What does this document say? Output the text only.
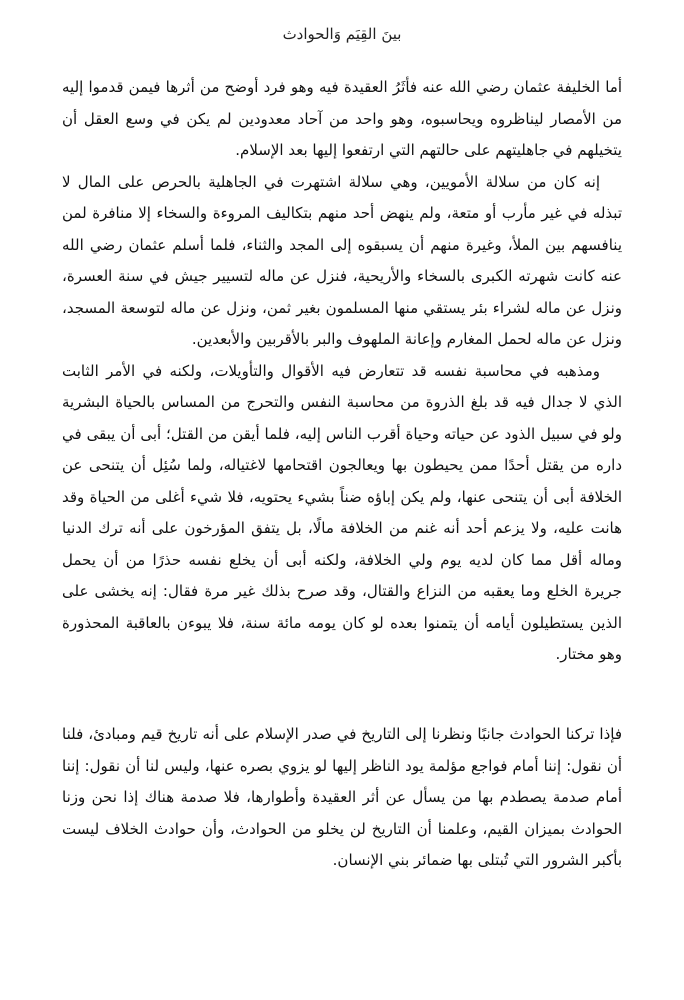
بينَ القِيَم وَالحوادث

أما الخليفة عثمان رضي الله عنه فأثَرُ العقيدة فيه وهو فرد أوضح من أثرها فيمن قدموا إليه من الأمصار ليناظروه ويحاسبوه، وهو واحد من آحاد معدودين لم يكن في وسع العقل أن يتخيلهم في جاهليتهم على حالتهم التي ارتفعوا إليها بعد الإسلام.

إنه كان من سلالة الأمويين، وهي سلالة اشتهرت في الجاهلية بالحرص على المال لا تبذله في غير مأرب أو متعة، ولم ينهض أحد منهم بتكاليف المروءة والسخاء إلا منافرة لمن ينافسهم بين الملأ، وغيرة منهم أن يسبقوه إلى المجد والثناء، فلما أسلم عثمان رضي الله عنه كانت شهرته الكبرى بالسخاء والأريحية، فنزل عن ماله لتسيير جيش في سنة العسرة، ونزل عن ماله لشراء بئر يستقي منها المسلمون بغير ثمن، ونزل عن ماله لتوسعة المسجد، ونزل عن ماله لحمل المغارم وإعانة الملهوف والبر بالأقربين والأبعدين.

ومذهبه في محاسبة نفسه قد تتعارض فيه الأقوال والتأويلات، ولكنه في الأمر الثابت الذي لا جدال فيه قد بلغ الذروة من محاسبة النفس والتحرج من المساس بالحياة البشرية ولو في سبيل الذود عن حياته وحياة أقرب الناس إليه، فلما أيقن من القتل؛ أبى أن يبقى في داره من يقتل أحدًا ممن يحيطون بها ويعالجون اقتحامها لاغتياله، ولما سُئِل أن يتنحى عن الخلافة أبى أن يتنحى عنها، ولم يكن إباؤه ضناً بشيء يحتويه، فلا شيء أغلى من الحياة وقد هانت عليه، ولا يزعم أحد أنه غنم من الخلافة مالًا، بل يتفق المؤرخون على أنه ترك الدنيا وماله أقل مما كان لديه يوم ولي الخلافة، ولكنه أبى أن يخلع نفسه حذرًا من أن يحمل جريرة الخلع وما يعقبه من النزاع والقتال، وقد صرح بذلك غير مرة فقال: إنه يخشى على الذين يستطيلون أيامه أن يتمنوا بعده لو كان يومه مائة سنة، فلا يبوءن بالعاقبة المحذورة وهو مختار.

فإذا تركنا الحوادث جانبًا ونظرنا إلى التاريخ في صدر الإسلام على أنه تاريخ قيم ومبادئ، فلنا أن نقول: إننا أمام فواجع مؤلمة يود الناظر إليها لو يزوي بصره عنها، وليس لنا أن نقول: إننا أمام صدمة يصطدم بها من يسأل عن أثر العقيدة وأطوارها، فلا صدمة هناك إذا نحن وزنا الحوادث بميزان القيم، وعلمنا أن التاريخ لن يخلو من الحوادث، وأن حوادث الخلاف ليست بأكبر الشرور التي تُبتلى بها ضمائر بني الإنسان.
